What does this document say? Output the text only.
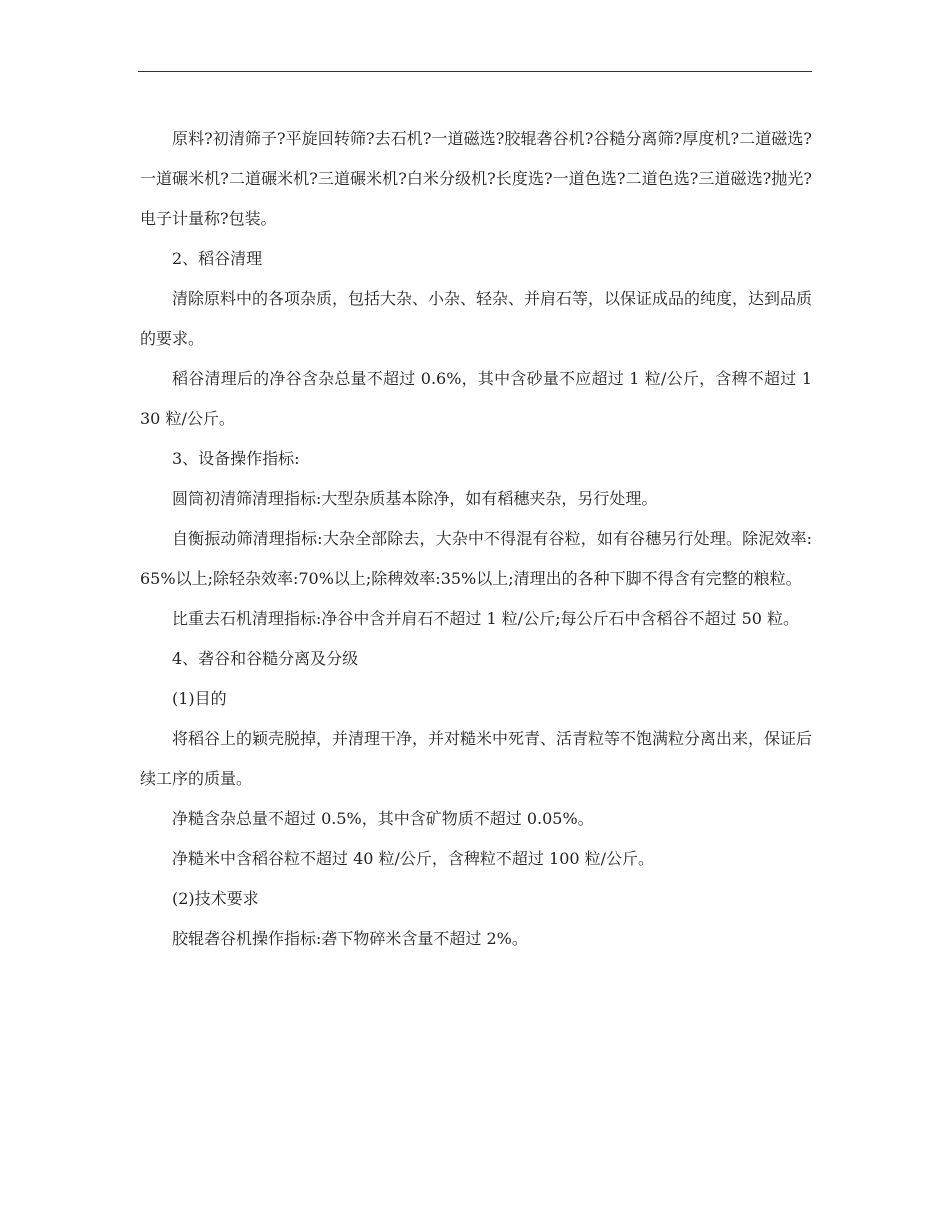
原料?初清筛子?平旋回转筛?去石机?一道磁选?胶辊砻谷机?谷糙分离筛?厚度机?二道磁选?一道碾米机?二道碾米机?三道碾米机?白米分级机?长度选?一道色选?二道色选?三道磁选?抛光?电子计量称?包装。

2、稻谷清理

清除原料中的各项杂质，包括大杂、小杂、轻杂、并肩石等，以保证成品的纯度，达到品质的要求。

稻谷清理后的净谷含杂总量不超过 0.6%，其中含砂量不应超过 1 粒/公斤，含稗不超过 130 粒/公斤。

3、设备操作指标:

圆筒初清筛清理指标:大型杂质基本除净，如有稻穗夹杂，另行处理。

自衡振动筛清理指标:大杂全部除去，大杂中不得混有谷粒，如有谷穗另行处理。除泥效率:65%以上;除轻杂效率:70%以上;除稗效率:35%以上;清理出的各种下脚不得含有完整的粮粒。

比重去石机清理指标:净谷中含并肩石不超过 1 粒/公斤;每公斤石中含稻谷不超过 50 粒。

4、砻谷和谷糙分离及分级

(1)目的

将稻谷上的颖壳脱掉，并清理干净，并对糙米中死青、活青粒等不饱满粒分离出来，保证后续工序的质量。

净糙含杂总量不超过 0.5%，其中含矿物质不超过 0.05%。

净糙米中含稻谷粒不超过 40 粒/公斤，含稗粒不超过 100 粒/公斤。

(2)技术要求

胶辊砻谷机操作指标:砻下物碎米含量不超过 2%。
